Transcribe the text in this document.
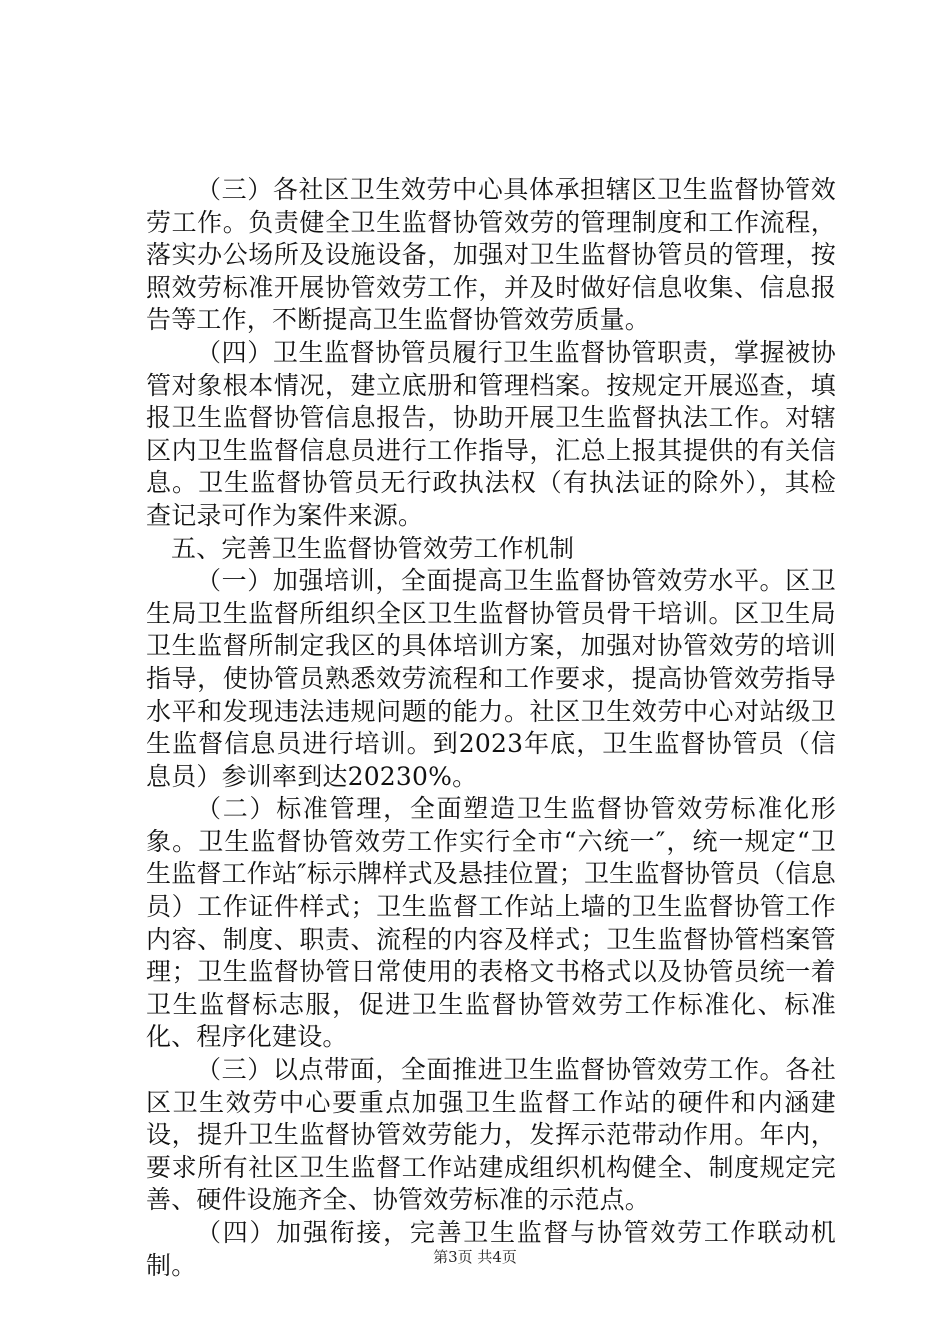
（三）各社区卫生效劳中心具体承担辖区卫生监督协管效劳工作。负责健全卫生监督协管效劳的管理制度和工作流程，落实办公场所及设施设备，加强对卫生监督协管员的管理，按照效劳标准开展协管效劳工作，并及时做好信息收集、信息报告等工作，不断提高卫生监督协管效劳质量。

（四）卫生监督协管员履行卫生监督协管职责，掌握被协管对象根本情况，建立底册和管理档案。按规定开展巡查，填报卫生监督协管信息报告，协助开展卫生监督执法工作。对辖区内卫生监督信息员进行工作指导，汇总上报其提供的有关信息。卫生监督协管员无行政执法权（有执法证的除外），其检查记录可作为案件来源。

五、完善卫生监督协管效劳工作机制

（一）加强培训，全面提高卫生监督协管效劳水平。区卫生局卫生监督所组织全区卫生监督协管员骨干培训。区卫生局卫生监督所制定我区的具体培训方案，加强对协管效劳的培训指导，使协管员熟悉效劳流程和工作要求，提高协管效劳指导水平和发现违法违规问题的能力。社区卫生效劳中心对站级卫生监督信息员进行培训。到2023年底，卫生监督协管员（信息员）参训率到达20230%。

（二）标准管理，全面塑造卫生监督协管效劳标准化形象。卫生监督协管效劳工作实行全市“六统一″，统一规定“卫生监督工作站″标示牌样式及悬挂位置；卫生监督协管员（信息员）工作证件样式；卫生监督工作站上墙的卫生监督协管工作内容、制度、职责、流程的内容及样式；卫生监督协管档案管理；卫生监督协管日常使用的表格文书格式以及协管员统一着卫生监督标志服，促进卫生监督协管效劳工作标准化、标准化、程序化建设。

（三）以点带面，全面推进卫生监督协管效劳工作。各社区卫生效劳中心要重点加强卫生监督工作站的硬件和内涵建设，提升卫生监督协管效劳能力，发挥示范带动作用。年内，要求所有社区卫生监督工作站建成组织机构健全、制度规定完善、硬件设施齐全、协管效劳标准的示范点。

（四）加强衔接，完善卫生监督与协管效劳工作联动机制。	第3页 共4页
